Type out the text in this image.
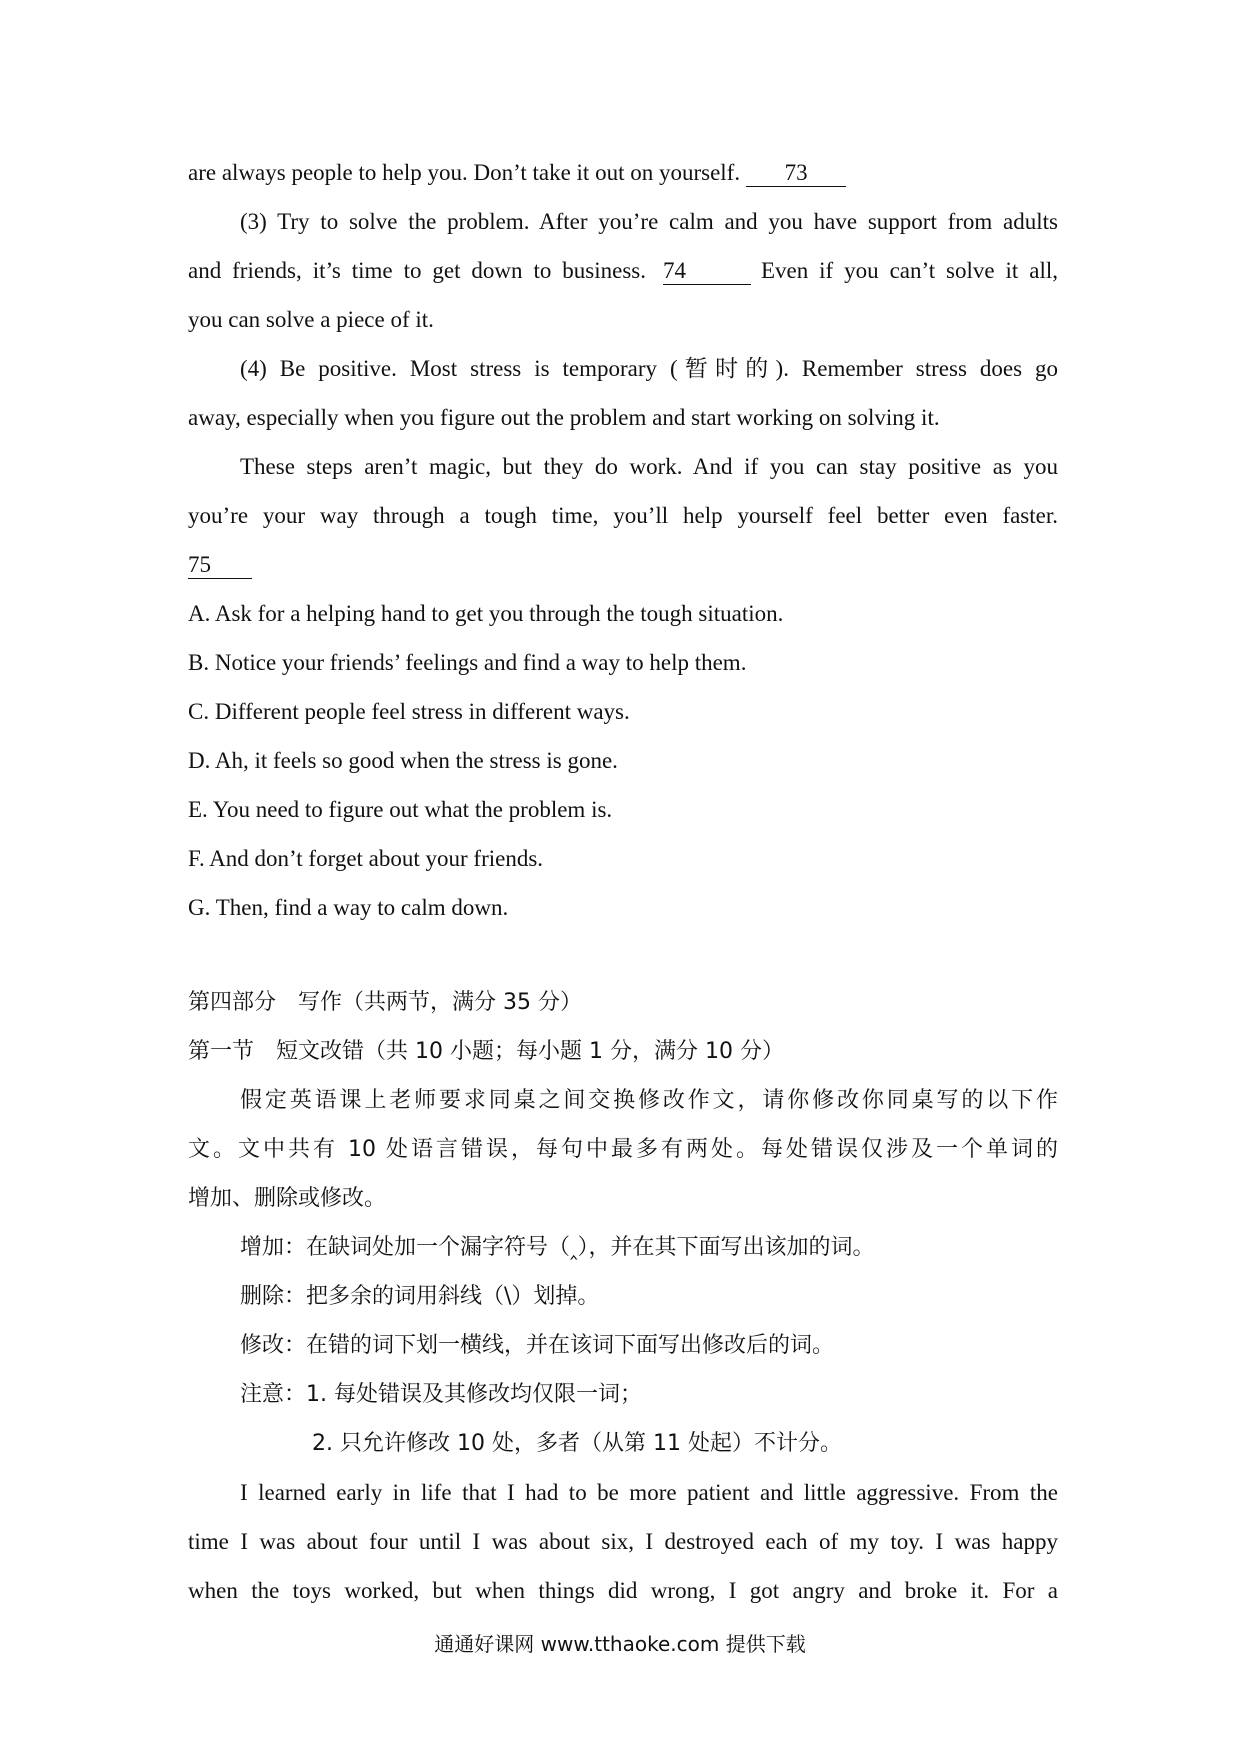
are always people to help you. Don’t take it out on yourself. 73

(3) Try to solve the problem. After you’re calm and you have support from adults

and friends, it’s time to get down to business. 74	Even if you can’t solve it all,

you can solve a piece of it.

(4) Be positive. Most stress is temporary (暂时的). Remember stress does go

away, especially when you figure out the problem and start working on solving it.

These steps aren’t magic, but they do work. And if you can stay positive as you

you’re your way through a tough time, you’ll help yourself feel better even faster.

75

A. Ask for a helping hand to get you through the tough situation.

B. Notice your friends’ feelings and find a way to help them.

C. Different people feel stress in different ways.

D. Ah, it feels so good when the stress is gone.

E. You need to figure out what the problem is.

F. And don’t forget about your friends.

G. Then, find a way to calm down.

第四部分　写作（共两节，满分 35 分）

第一节　短文改错（共 10 小题；每小题 1 分，满分 10 分）

假定英语课上老师要求同桌之间交换修改作文，请你修改你同桌写的以下作

文。文中共有 10 处语言错误，每句中最多有两处。每处错误仅涉及一个单词的

增加、删除或修改。

增加：在缺词处加一个漏字符号（‸），并在其下面写出该加的词。

删除：把多余的词用斜线（\）划掉。

修改：在错的词下划一横线，并在该词下面写出修改后的词。

注意：1. 每处错误及其修改均仅限一词；

2. 只允许修改 10 处，多者（从第 11 处起）不计分。

I learned early in life that I had to be more patient and little aggressive. From the

time I was about four until I was about six, I destroyed each of my toy. I was happy

when the toys worked, but when things did wrong, I got angry and broke it. For a

通通好课网 www.tthaoke.com 提供下载
